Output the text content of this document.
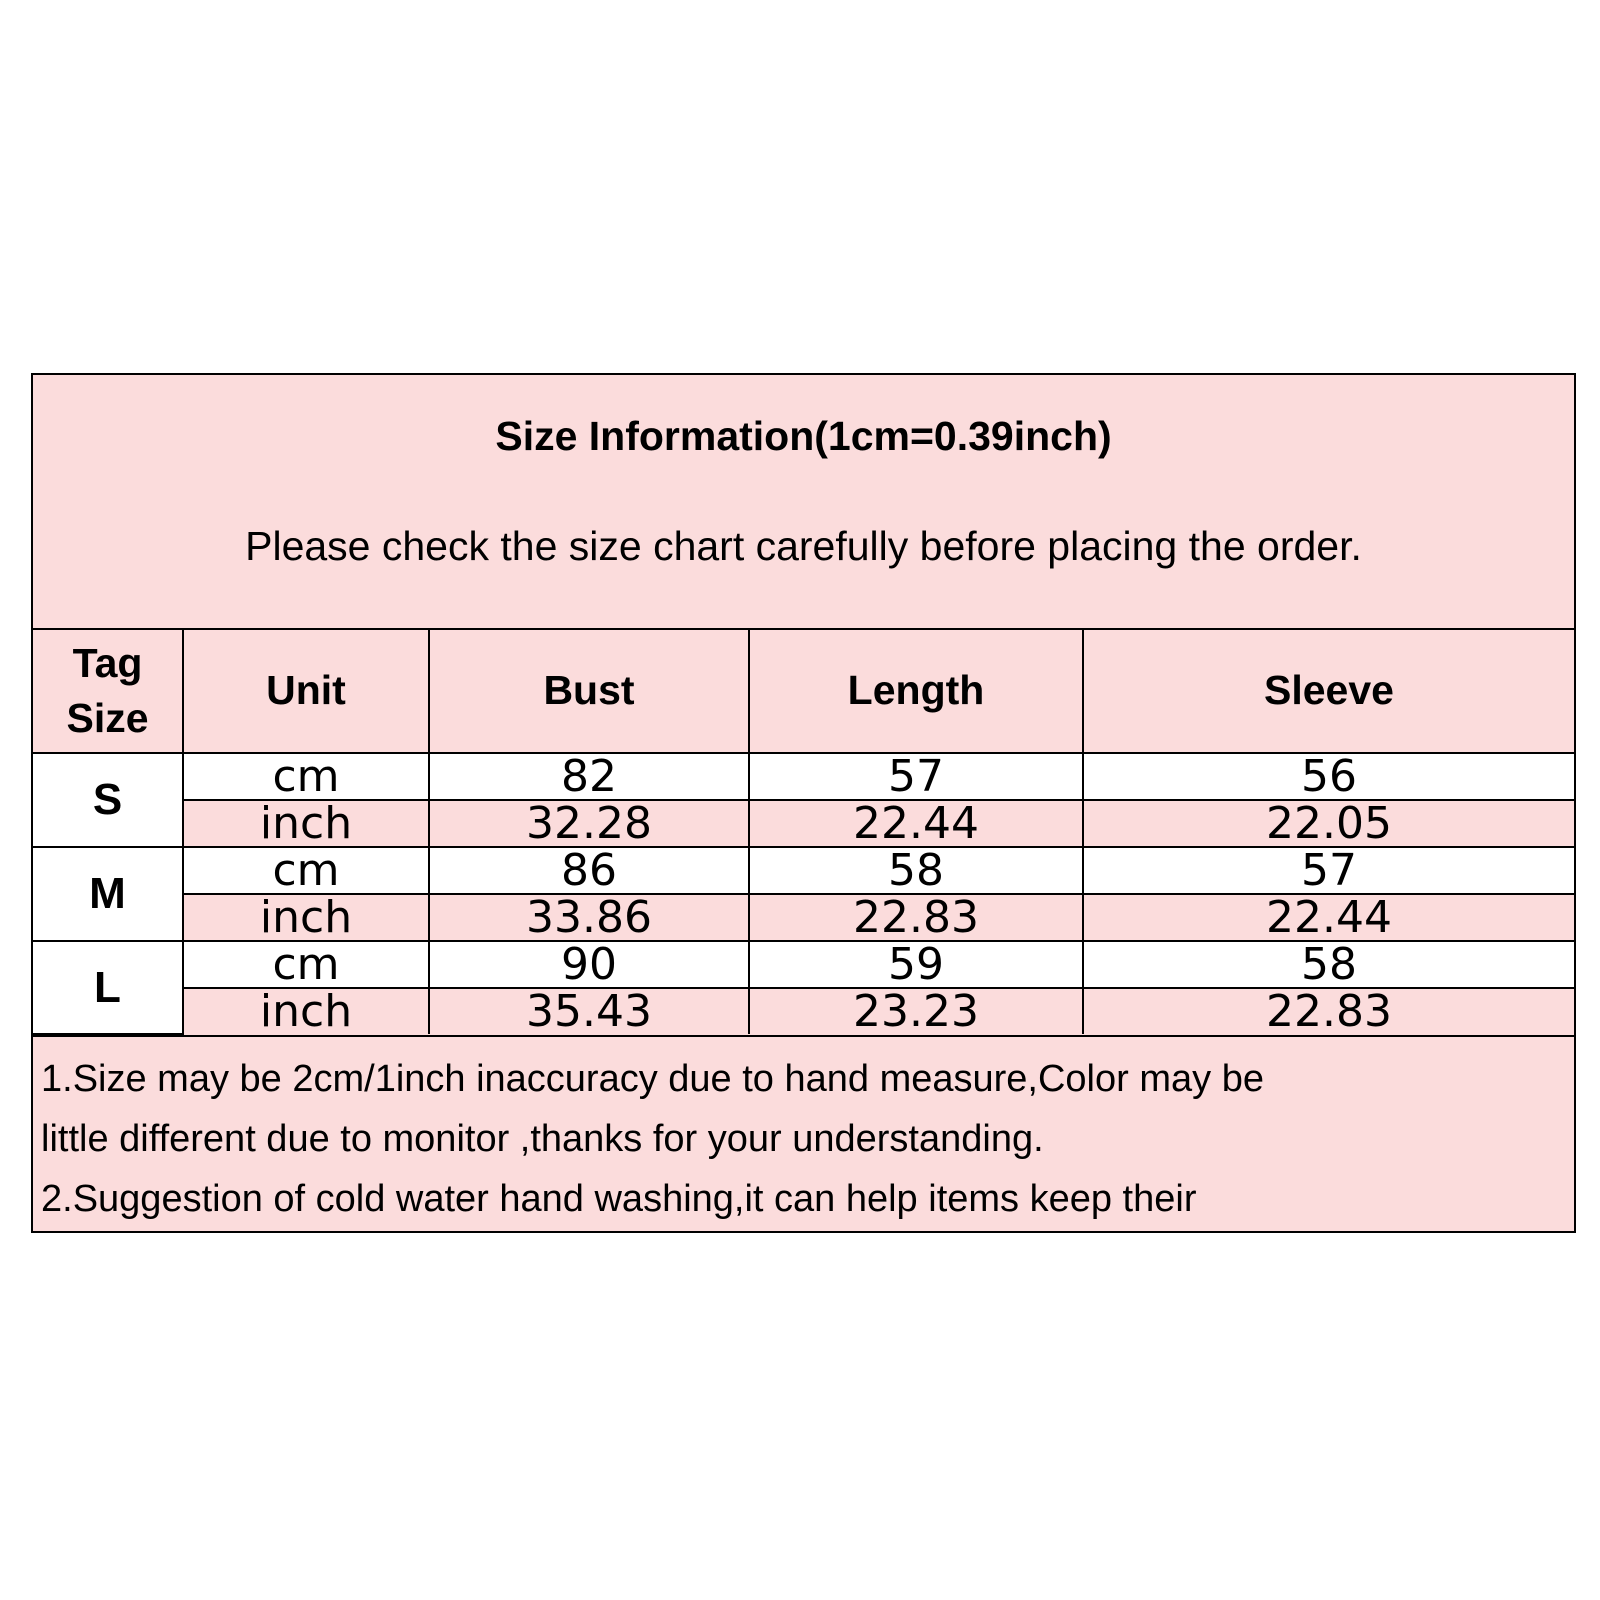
Size Information(1cm=0.39inch)
Please check the size chart carefully before placing the order.
Tag
Size	Unit	Bust	Length	Sleeve
S	cm	82	57	56
	inch	32.28	22.44	22.05
M	cm	86	58	57
	inch	33.86	22.83	22.44
L	cm	90	59	58
	inch	35.43	23.23	22.83
1.Size may be 2cm/1inch inaccuracy due to hand measure,Color may be
little different due to monitor ,thanks for your understanding.
2.Suggestion of cold water hand washing,it can help items keep their
